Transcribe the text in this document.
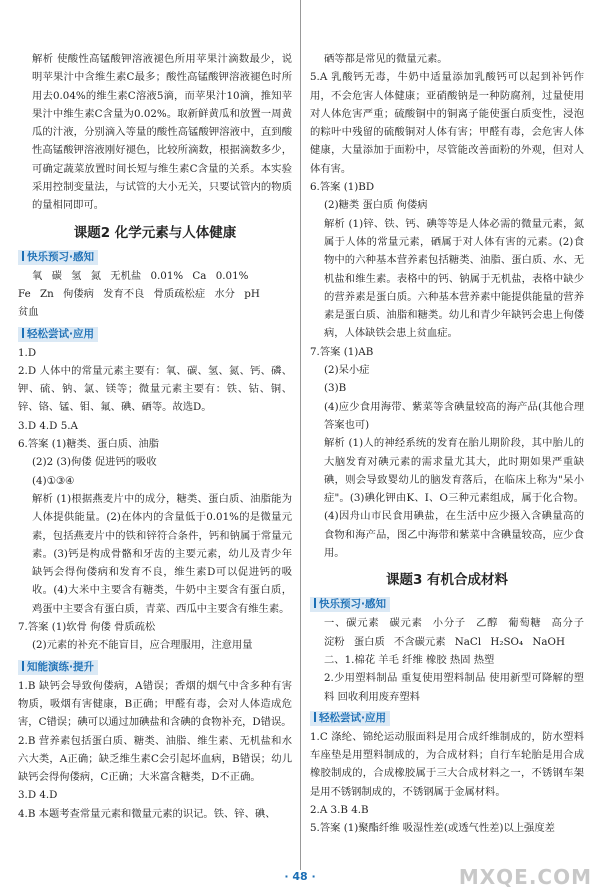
解析 使酸性高锰酸钾溶液褪色所用苹果汁滴数最少，说明苹果汁中含维生素C最多；酸性高锰酸钾溶液褪色时所用去0.04%的维生素C溶液5滴，而苹果汁10滴，推知苹果汁中维生素C含量为0.02%。取新鲜黄瓜和放置一周黄瓜的汁液，分别滴入等量的酸性高锰酸钾溶液中，直到酸性高锰酸钾溶液刚好褪色，比较所滴数，根据滴数多少，可确定蔬菜放置时间长短与维生素C含量的关系。本实验采用控制变量法，与试管的大小无关，只要试管内的物质的量相同即可。

课题2 化学元素与人体健康
快乐预习·感知

氧 碳 氢 氮 无机盐 0.01% Ca 0.01%

Fe Zn 佝偻病 发育不良 骨质疏松症 水分 pH

贫血

轻松尝试·应用

1.D

2.D 人体中的常量元素主要有：氧、碳、氢、氮、钙、磷、钾、硫、钠、氯、镁等；微量元素主要有：铁、钴、铜、锌、铬、锰、钼、氟、碘、硒等。故选D。

3.D 4.D 5.A

6.答案 (1)糖类、蛋白质、油脂

(2)2 (3)佝偻 促进钙的吸收

(4)①③④

解析 (1)根据燕麦片中的成分，糖类、蛋白质、油脂能为人体提供能量。(2)在体内的含量低于0.01%的是微量元素，包括燕麦片中的铁和锌符合条件，钙和钠属于常量元素。(3)钙是构成骨骼和牙齿的主要元素，幼儿及青少年缺钙会得佝偻病和发育不良，维生素D可以促进钙的吸收。(4)大米中主要含有糖类，牛奶中主要含有蛋白质，鸡蛋中主要含有蛋白质，青菜、西瓜中主要含有维生素。

7.答案 (1)软骨 佝偻 骨质疏松

(2)元素的补充不能盲目，应合理服用，注意用量

知能演练·提升

1.B 缺钙会导致佝偻病，A错误；香烟的烟气中含多种有害物质，吸烟有害健康，B正确；甲醛有毒，会对人体造成危害，C错误；碘可以通过加碘盐和含碘的食物补充，D错误。

2.B 营养素包括蛋白质、糖类、油脂、维生素、无机盐和水六大类，A正确；缺乏维生素C会引起坏血病，B错误；幼儿缺钙会得佝偻病，C正确；大米富含糖类，D不正确。

3.D 4.D

4.B 本题考查常量元素和微量元素的识记。铁、锌、碘、

硒等都是常见的微量元素。

5.A 乳酸钙无毒，牛奶中适量添加乳酸钙可以起到补钙作用，不会危害人体健康；亚硝酸钠是一种防腐剂，过量使用对人体危害严重；硫酸铜中的铜离子能使蛋白质变性，浸泡的粽叶中残留的硫酸铜对人体有害；甲醛有毒，会危害人体健康，大量添加于面粉中，尽管能改善面粉的外观，但对人体有害。

6.答案 (1)BD

(2)糖类 蛋白质 佝偻病

解析 (1)锌、铁、钙、碘等等是人体必需的微量元素，氮属于人体的常量元素，硒属于对人体有害的元素。(2)食物中的六种基本营养素包括糖类、油脂、蛋白质、水、无机盐和维生素。表格中的钙、钠属于无机盐，表格中缺少的营养素是蛋白质。六种基本营养素中能提供能量的营养素是蛋白质、油脂和糖类。幼儿和青少年缺钙会患上佝偻病，人体缺铁会患上贫血症。

7.答案 (1)AB

(2)呆小症

(3)B

(4)应少食用海带、紫菜等含碘量较高的海产品(其他合理答案也可)

解析 (1)人的神经系统的发育在胎儿期阶段，其中胎儿的大脑发育对碘元素的需求量尤其大，此时期如果严重缺碘，则会导致婴幼儿的脑发育落后，在临床上称为"呆小症"。(3)碘化钾由K、I、O三种元素组成，属于化合物。(4)因舟山市民食用碘盐，在生活中应少摄入含碘量高的食物和海产品，图乙中海带和紫菜中含碘量较高，应少食用。

课题3 有机合成材料
快乐预习·感知

一、碳元素 碳元素 小分子 乙醇 葡萄糖 高分子 淀粉 蛋白质 不含碳元素 NaCl H₂SO₄ NaOH

二、1.棉花 羊毛 纤维 橡胶 热固 热塑

2.少用塑料制品 重复使用塑料制品 使用新型可降解的塑料 回收利用废弃塑料

轻松尝试·应用

1.C 涤纶、锦纶运动服面料是用合成纤维制成的，防水塑料车座垫是用塑料制成的，为合成材料；自行车轮胎是用合成橡胶制成的，合成橡胶属于三大合成材料之一，不锈钢车架是用不锈钢制成的，不锈钢属于金属材料。

2.A 3.B 4.B

5.答案 (1)聚酯纤维 吸湿性差(或透气性差)以上强度差

· 48 ·	MXQE.COM
